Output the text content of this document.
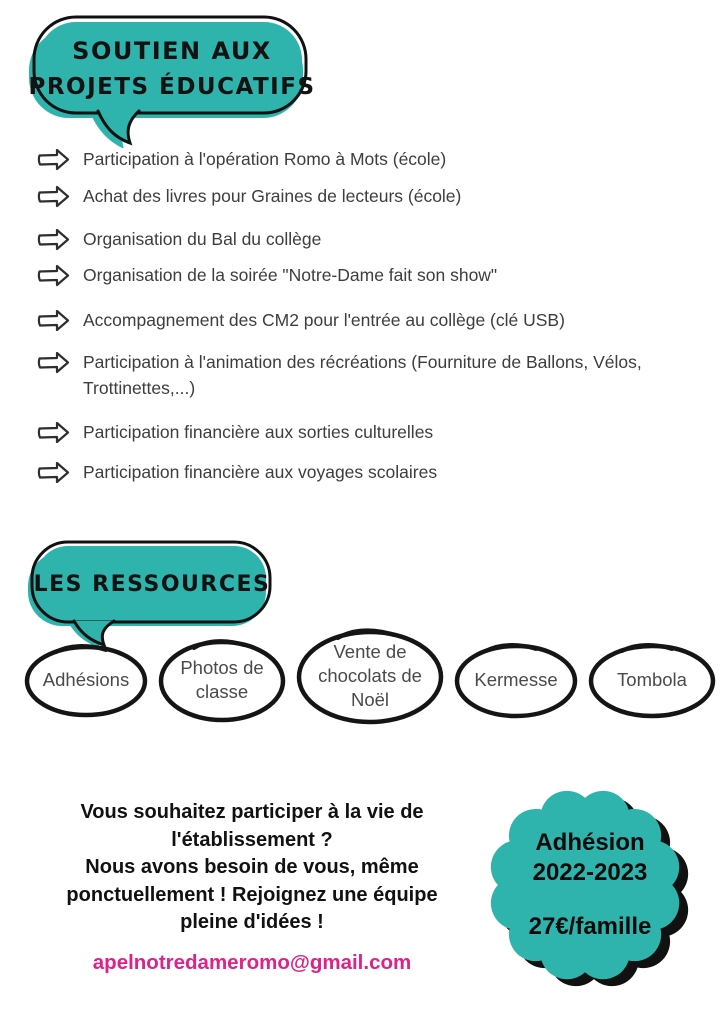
SOUTIEN AUX
PROJETS ÉDUCATIFS
Participation à l'opération Romo à Mots (école)
Achat des livres pour Graines de lecteurs (école)
Organisation du Bal du collège
Organisation de la soirée "Notre-Dame fait son show"
Accompagnement des CM2 pour l'entrée au collège (clé USB)
Participation à l'animation des récréations (Fourniture de Ballons, Vélos, Trottinettes,...)
Participation financière aux sorties culturelles
Participation financière aux voyages scolaires
LES RESSOURCES
Adhésions
Photos de classe
Vente de chocolats de Noël
Kermesse	Tombola

Vous souhaitez participer à la vie de l'établissement ?

Nous avons besoin de vous, même ponctuellement ! Rejoignez une équipe pleine d'idées !

apelnotredameromo@gmail.com
Adhésion
2022-2023
27€/famille
